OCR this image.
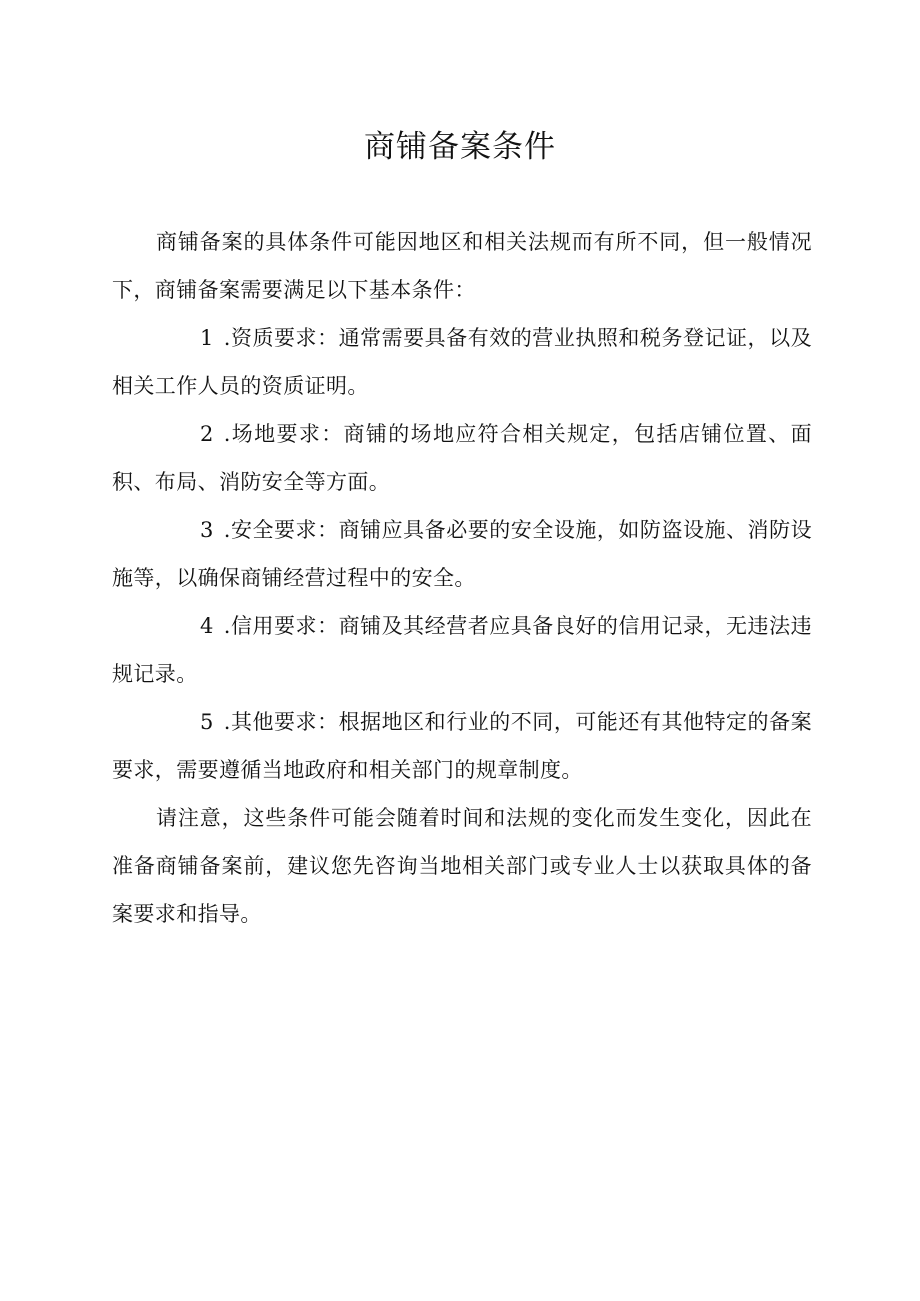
商铺备案条件

商铺备案的具体条件可能因地区和相关法规而有所不同，但一般情况下，商铺备案需要满足以下基本条件：

1 .资质要求：通常需要具备有效的营业执照和税务登记证，以及相关工作人员的资质证明。

2 .场地要求：商铺的场地应符合相关规定，包括店铺位置、面积、布局、消防安全等方面。

3 .安全要求：商铺应具备必要的安全设施，如防盗设施、消防设施等，以确保商铺经营过程中的安全。

4 .信用要求：商铺及其经营者应具备良好的信用记录，无违法违规记录。

5 .其他要求：根据地区和行业的不同，可能还有其他特定的备案要求，需要遵循当地政府和相关部门的规章制度。

请注意，这些条件可能会随着时间和法规的变化而发生变化，因此在准备商铺备案前，建议您先咨询当地相关部门或专业人士以获取具体的备案要求和指导。
